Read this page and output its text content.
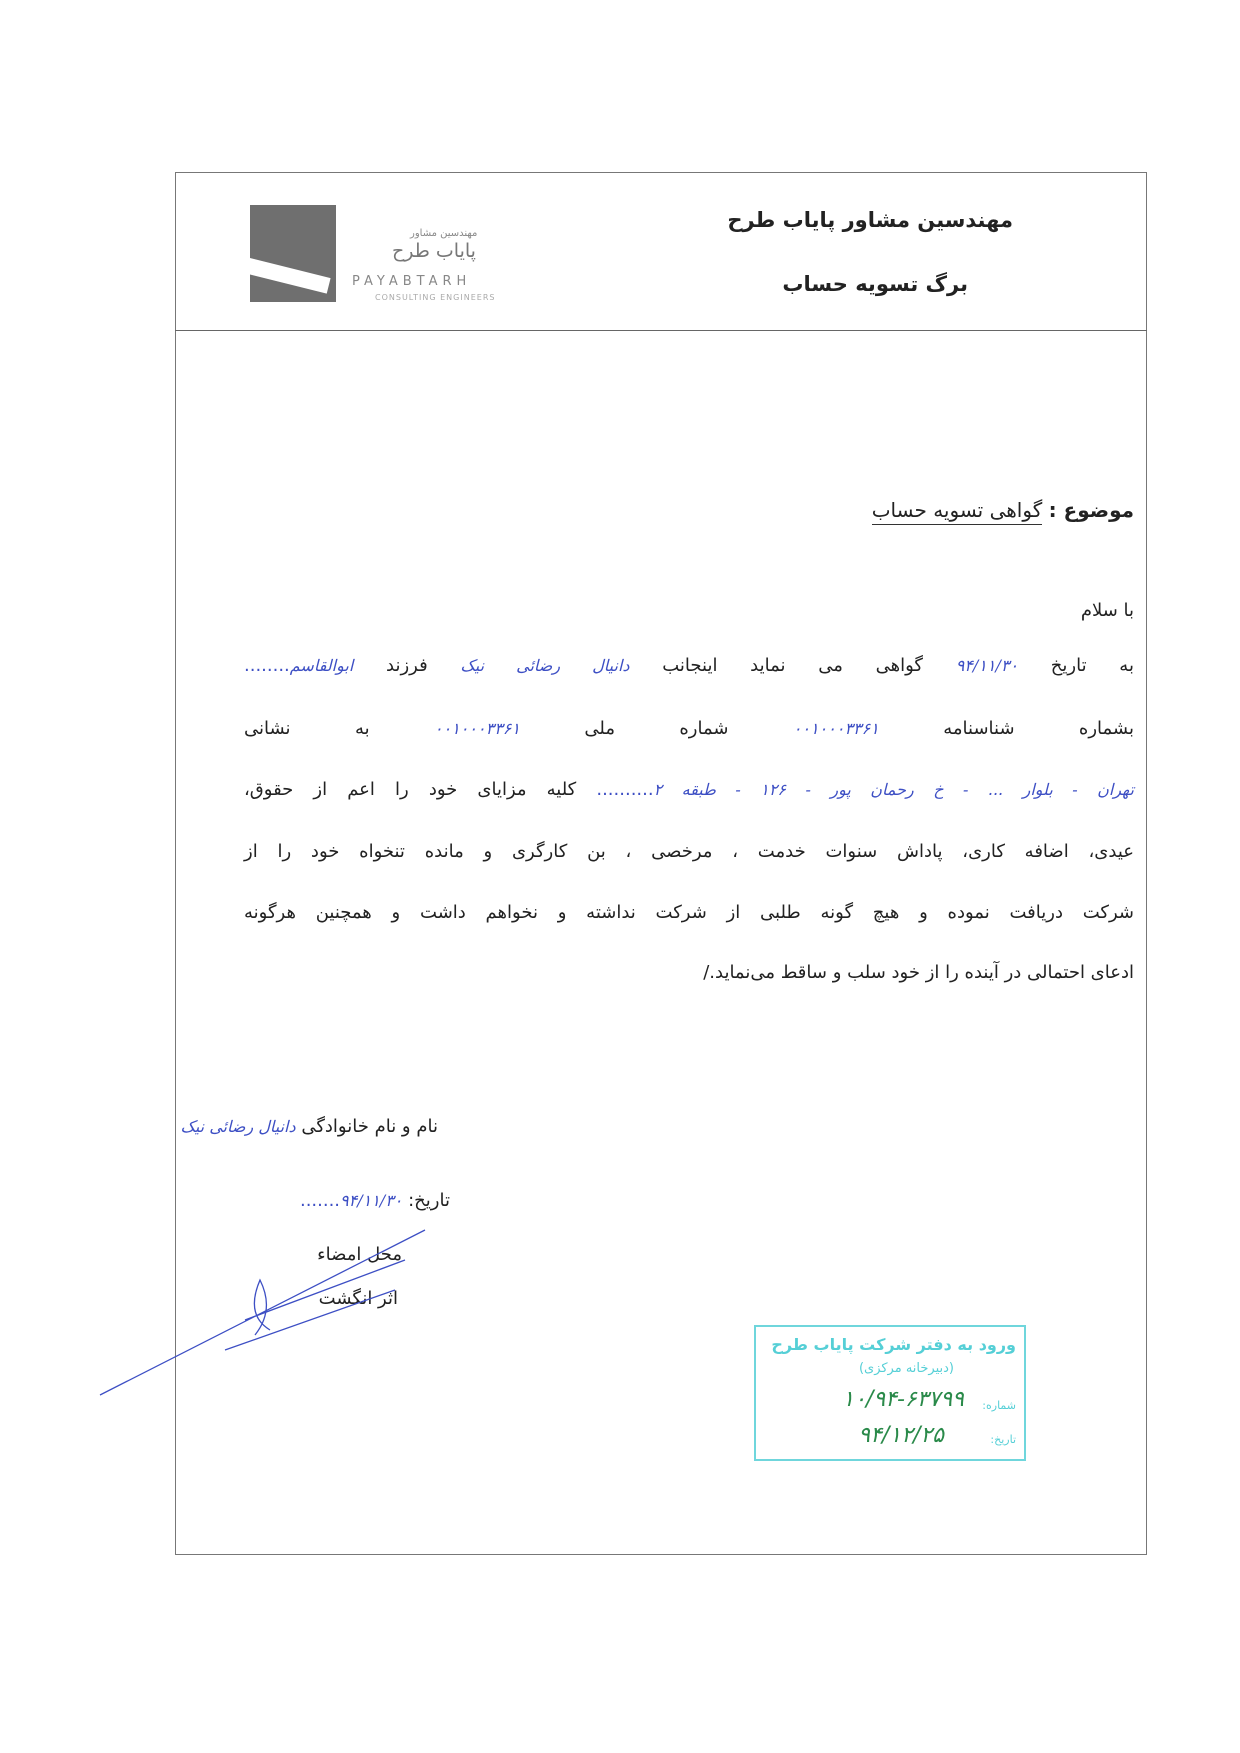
مهندسین مشاور
پایاب طرح
PAYABTARH
CONSULTING ENGINEERS
مهندسین مشاور پایاب طرح
برگ تسویه حساب
موضوع : گواهی تسویه حساب
با سلام
به تاریخ ۹۴/۱۱/۳۰ گواهی می نماید اینجانب دانیال رضائی نیک فرزند ابوالقاسم........
بشماره شناسنامه ۰۰۱۰۰۰۳۳۶۱ شماره ملی ۰۰۱۰۰۰۳۳۶۱ به نشانی
تهران - بلوار ... - خ رحمان پور - ۱۲۶ - طبقه ۲.......... کلیه مزایای خود را اعم از حقوق،
عیدی، اضافه کاری، پاداش سنوات خدمت ، مرخصی ، بن کارگری و مانده تنخواه خود را از
شرکت دریافت نموده و هیچ گونه طلبی از شرکت نداشته و نخواهم داشت و همچنین هرگونه
ادعای احتمالی در آینده را از خود سلب و ساقط می‌نماید./
نام و نام خانوادگی دانیال رضائی نیک
تاریخ: ۹۴/۱۱/۳۰.......
محل امضاء
اثر انگشت
ورود به دفتر شرکت پایاب طرح
(دبیرخانه مرکزی)
شماره:
۱۰/۹۴-۶۳۷۹۹
تاریخ:
۹۴/۱۲/۲۵
